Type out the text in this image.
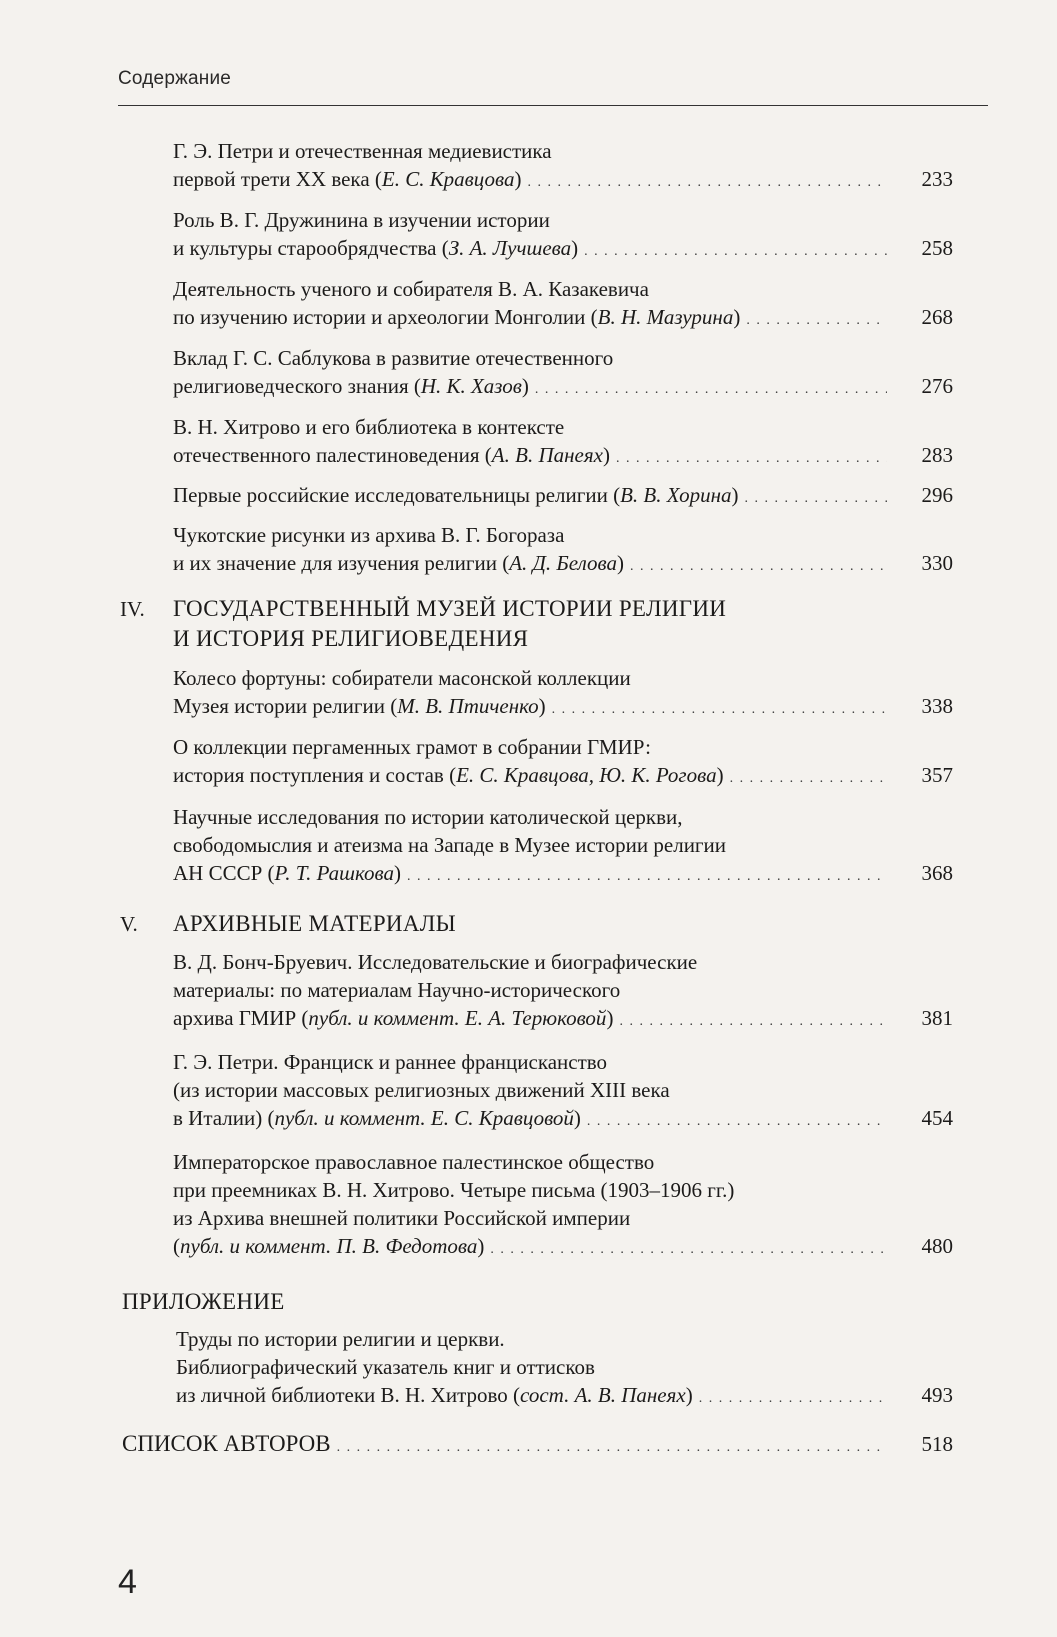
Содержание
Г. Э. Петри и отечественная медиевистика
первой трети XX века (Е. С. Кравцова) . . .	233
Роль В. Г. Дружинина в изучении истории
и культуры старообрядчества (З. А. Лучшева) . . .	258
Деятельность ученого и собирателя В. А. Казакевича
по изучению истории и археологии Монголии (В. Н. Мазурина) . . .	268
Вклад Г. С. Саблукова в развитие отечественного
религиоведческого знания (Н. К. Хазов) . . .	276
В. Н. Хитрово и его библиотека в контексте
отечественного палестиноведения (А. В. Панеях) . . .	283
Первые российские исследовательницы религии (В. В. Хорина) . . .	296
Чукотские рисунки из архива В. Г. Богораза
и их значение для изучения религии (А. Д. Белова) . . .	330
IV. ГОСУДАРСТВЕННЫЙ МУЗЕЙ ИСТОРИИ РЕЛИГИИ
И ИСТОРИЯ РЕЛИГИОВЕДЕНИЯ
Колесо фортуны: собиратели масонской коллекции
Музея истории религии (М. В. Птиченко) . . .	338
О коллекции пергаменных грамот в собрании ГМИР:
история поступления и состав (Е. С. Кравцова, Ю. К. Рогова) . . .	357
Научные исследования по истории католической церкви,
свободомыслия и атеизма на Западе в Музее истории религии
АН СССР (Р. Т. Рашкова) . . .	368
V. АРХИВНЫЕ МАТЕРИАЛЫ
В. Д. Бонч-Бруевич. Исследовательские и биографические
материалы: по материалам Научно-исторического
архива ГМИР (публ. и коммент. Е. А. Терюковой) . . .	381
Г. Э. Петри. Франциск и раннее францисканство
(из истории массовых религиозных движений XIII века
в Италии) (публ. и коммент. Е. С. Кравцовой) . . .	454
Императорское православное палестинское общество
при преемниках В. Н. Хитрово. Четыре письма (1903–1906 гг.)
из Архива внешней политики Российской империи
(публ. и коммент. П. В. Федотова) . . .	480
ПРИЛОЖЕНИЕ
Труды по истории религии и церкви.
Библиографический указатель книг и оттисков
из личной библиотеки В. Н. Хитрово (сост. А. В. Панеях) . . .	493
СПИСОК АВТОРОВ . . .	518
4
